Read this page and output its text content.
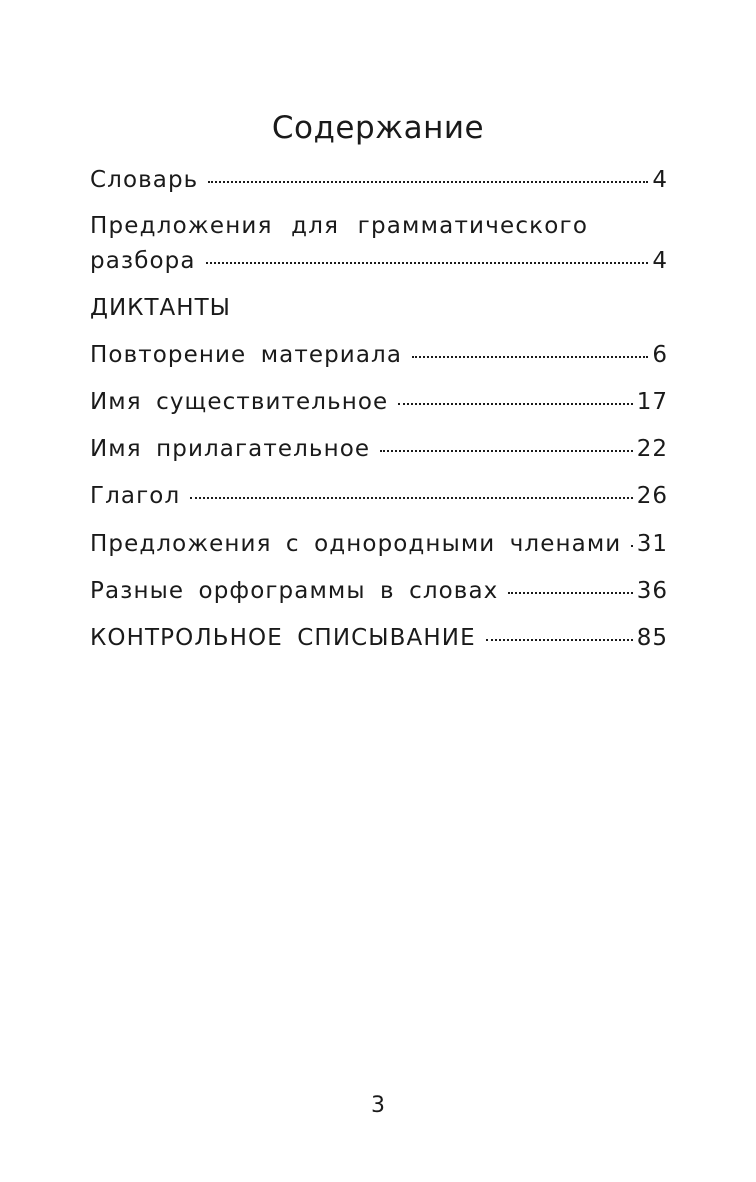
Содержание
Словарь	4
Предложения для грамматического
разбора	4
ДИКТАНТЫ
Повторение материала	6
Имя существительное	17
Имя прилагательное	22
Глагол	26
Предложения с однородными членами 31
Разные орфограммы в словах	36
КОНТРОЛЬНОЕ СПИСЫВАНИЕ	85
3
